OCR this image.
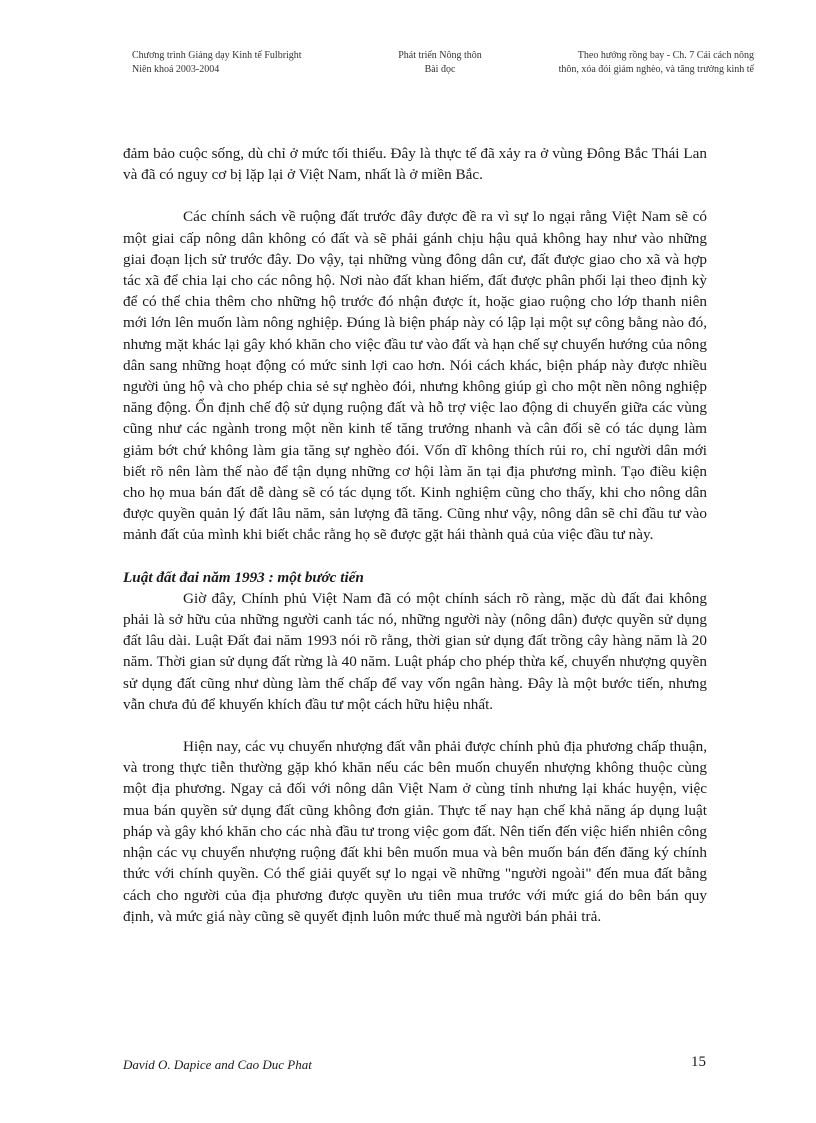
Chương trình Giảng dạy Kinh tế Fulbright
Niên khoá 2003-2004
Phát triển Nông thôn
Bài đọc
Theo hướng rồng bay - Ch. 7 Cải cách nông
thôn, xóa đói giảm nghèo, và tăng trưởng kinh tế

đảm bảo cuộc sống, dù chỉ ở mức tối thiểu. Đây là thực tế đã xảy ra ở vùng Đông Bắc Thái Lan và đã có nguy cơ bị lặp lại ở Việt Nam, nhất là ở miền Bắc.

Các chính sách về ruộng đất trước đây được đề ra vì sự lo ngại rằng Việt Nam sẽ có một giai cấp nông dân không có đất và sẽ phải gánh chịu hậu quả không hay như vào những giai đoạn lịch sử trước đây. Do vậy, tại những vùng đông dân cư, đất được giao cho xã và hợp tác xã để chia lại cho các nông hộ. Nơi nào đất khan hiếm, đất được phân phối lại theo định kỳ để có thể chia thêm cho những hộ trước đó nhận được ít, hoặc giao ruộng cho lớp thanh niên mới lớn lên muốn làm nông nghiệp. Đúng là biện pháp này có lập lại một sự công bằng nào đó, nhưng mặt khác lại gây khó khăn cho việc đầu tư vào đất và hạn chế sự chuyển hướng của nông dân sang những hoạt động có mức sinh lợi cao hơn. Nói cách khác, biện pháp này được nhiều người ủng hộ và cho phép chia sẻ sự nghèo đói, nhưng không giúp gì cho một nền nông nghiệp năng động. Ổn định chế độ sử dụng ruộng đất và hỗ trợ việc lao động di chuyển giữa các vùng cũng như các ngành trong một nền kinh tế tăng trưởng nhanh và cân đối sẽ có tác dụng làm giảm bớt chứ không làm gia tăng sự nghèo đói. Vốn dĩ không thích rủi ro, chỉ người dân mới biết rõ nên làm thế nào để tận dụng những cơ hội làm ăn tại địa phương mình. Tạo điều kiện cho họ mua bán đất dễ dàng sẽ có tác dụng tốt. Kinh nghiệm cũng cho thấy, khi cho nông dân được quyền quản lý đất lâu năm, sản lượng đã tăng. Cũng như vậy, nông dân sẽ chỉ đầu tư vào mảnh đất của mình khi biết chắc rằng họ sẽ được gặt hái thành quả của việc đầu tư này.

Luật đất đai năm 1993 : một bước tiến

Giờ đây, Chính phủ Việt Nam đã có một chính sách rõ ràng, mặc dù đất đai không phải là sở hữu của những người canh tác nó, những người này (nông dân) được quyền sử dụng đất lâu dài. Luật Đất đai năm 1993 nói rõ rằng, thời gian sử dụng đất trồng cây hàng năm là 20 năm. Thời gian sử dụng đất rừng là 40 năm. Luật pháp cho phép thừa kế, chuyển nhượng quyền sử dụng đất cũng như dùng làm thế chấp để vay vốn ngân hàng. Đây là một bước tiến, nhưng vẫn chưa đủ để khuyến khích đầu tư một cách hữu hiệu nhất.

Hiện nay, các vụ chuyển nhượng đất vẫn phải được chính phủ địa phương chấp thuận, và trong thực tiễn thường gặp khó khăn nếu các bên muốn chuyển nhượng không thuộc cùng một địa phương. Ngay cả đối với nông dân Việt Nam ở cùng tỉnh nhưng lại khác huyện, việc mua bán quyền sử dụng đất cũng không đơn giản. Thực tế nay hạn chế khả năng áp dụng luật pháp và gây khó khăn cho các nhà đầu tư trong việc gom đất. Nên tiến đến việc hiển nhiên công nhận các vụ chuyển nhượng ruộng đất khi bên muốn mua và bên muốn bán đến đăng ký chính thức với chính quyền. Có thể giải quyết sự lo ngại về những "người ngoài" đến mua đất bằng cách cho người của địa phương được quyền ưu tiên mua trước với mức giá do bên bán quy định, và mức giá này cũng sẽ quyết định luôn mức thuế mà người bán phải trả.

David O. Dapice and Cao Duc Phat	15
